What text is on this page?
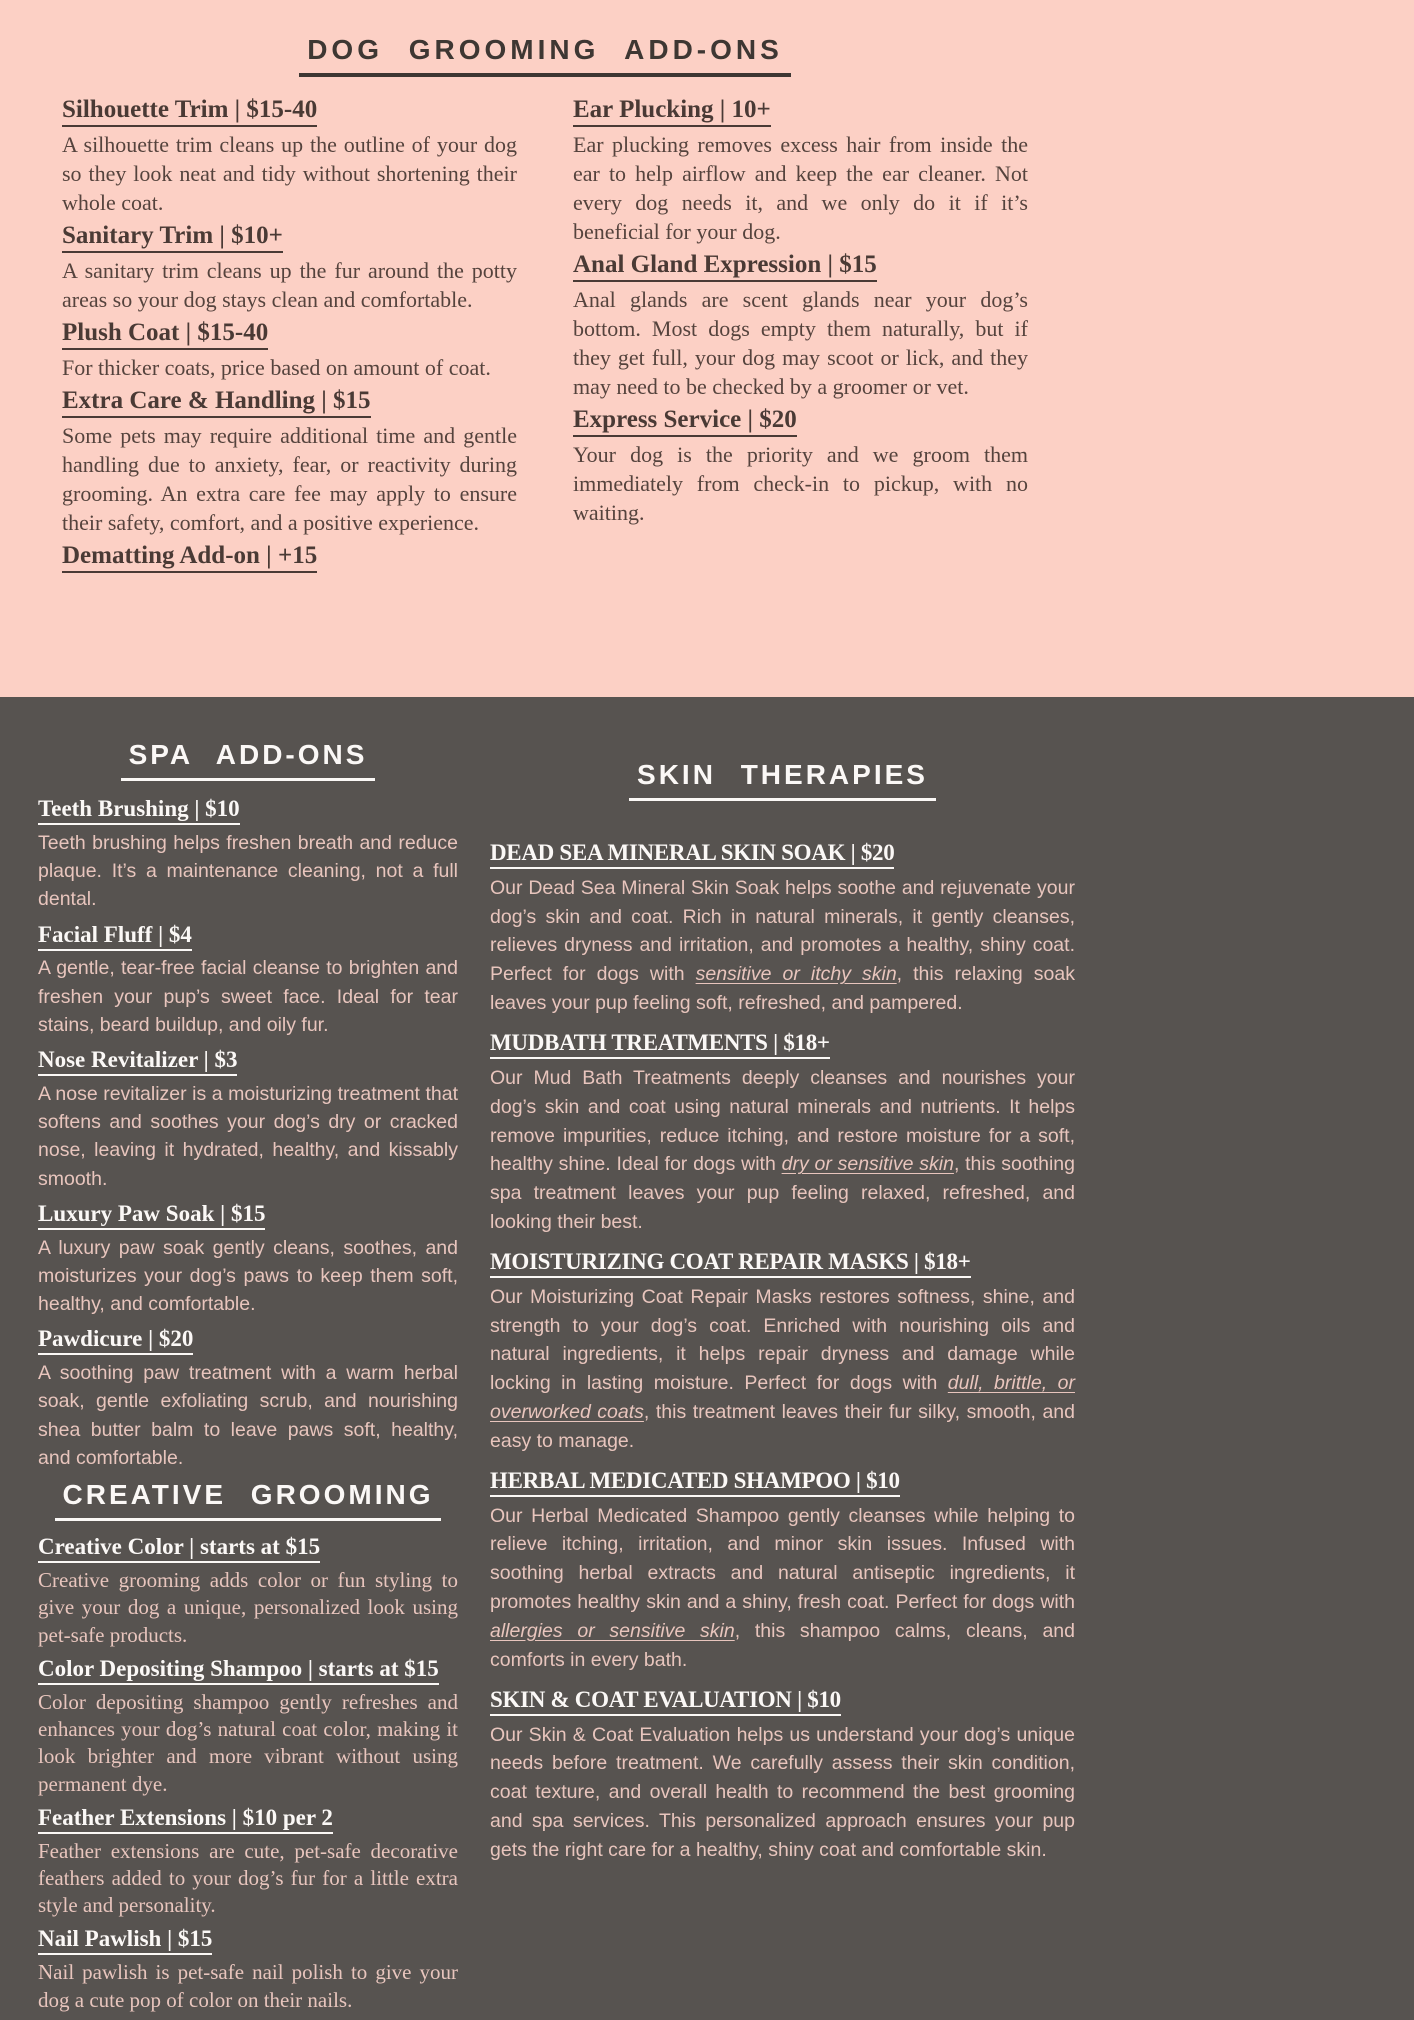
DOG GROOMING ADD-ONS
Silhouette Trim | $15-40

A silhouette trim cleans up the outline of your dog so they look neat and tidy without shortening their whole coat.

Sanitary Trim | $10+

A sanitary trim cleans up the fur around the potty areas so your dog stays clean and comfortable.

Plush Coat | $15-40

For thicker coats, price based on amount of coat.

Extra Care & Handling | $15

Some pets may require additional time and gentle handling due to anxiety, fear, or reactivity during grooming. An extra care fee may apply to ensure their safety, comfort, and a positive experience.

Dematting Add-on | +15
Ear Plucking | 10+

Ear plucking removes excess hair from inside the ear to help airflow and keep the ear cleaner. Not every dog needs it, and we only do it if it’s beneficial for your dog.

Anal Gland Expression | $15

Anal glands are scent glands near your dog’s bottom. Most dogs empty them naturally, but if they get full, your dog may scoot or lick, and they may need to be checked by a groomer or vet.

Express Service | $20

Your dog is the priority and we groom them immediately from check-in to pickup, with no waiting.

SPA ADD-ONS
Teeth Brushing | $10

Teeth brushing helps freshen breath and reduce plaque. It’s a maintenance cleaning, not a full dental.

Facial Fluff | $4

A gentle, tear-free facial cleanse to brighten and freshen your pup’s sweet face. Ideal for tear stains, beard buildup, and oily fur.

Nose Revitalizer | $3

A nose revitalizer is a moisturizing treatment that softens and soothes your dog’s dry or cracked nose, leaving it hydrated, healthy, and kissably smooth.

Luxury Paw Soak | $15

A luxury paw soak gently cleans, soothes, and moisturizes your dog’s paws to keep them soft, healthy, and comfortable.

Pawdicure | $20

A soothing paw treatment with a warm herbal soak, gentle exfoliating scrub, and nourishing shea butter balm to leave paws soft, healthy, and comfortable.

CREATIVE GROOMING
Creative Color | starts at $15

Creative grooming adds color or fun styling to give your dog a unique, personalized look using pet-safe products.

Color Depositing Shampoo | starts at $15

Color depositing shampoo gently refreshes and enhances your dog’s natural coat color, making it look brighter and more vibrant without using permanent dye.

Feather Extensions | $10 per 2

Feather extensions are cute, pet-safe decorative feathers added to your dog’s fur for a little extra style and personality.

Nail Pawlish | $15

Nail pawlish is pet-safe nail polish to give your dog a cute pop of color on their nails.

SKIN THERAPIES
DEAD SEA MINERAL SKIN SOAK | $20

Our Dead Sea Mineral Skin Soak helps soothe and rejuvenate your dog’s skin and coat. Rich in natural minerals, it gently cleanses, relieves dryness and irritation, and promotes a healthy, shiny coat. Perfect for dogs with sensitive or itchy skin, this relaxing soak leaves your pup feeling soft, refreshed, and pampered.

MUDBATH TREATMENTS | $18+

Our Mud Bath Treatments deeply cleanses and nourishes your dog’s skin and coat using natural minerals and nutrients. It helps remove impurities, reduce itching, and restore moisture for a soft, healthy shine. Ideal for dogs with dry or sensitive skin, this soothing spa treatment leaves your pup feeling relaxed, refreshed, and looking their best.

MOISTURIZING COAT REPAIR MASKS | $18+

Our Moisturizing Coat Repair Masks restores softness, shine, and strength to your dog’s coat. Enriched with nourishing oils and natural ingredients, it helps repair dryness and damage while locking in lasting moisture. Perfect for dogs with dull, brittle, or overworked coats, this treatment leaves their fur silky, smooth, and easy to manage.

HERBAL MEDICATED SHAMPOO | $10

Our Herbal Medicated Shampoo gently cleanses while helping to relieve itching, irritation, and minor skin issues. Infused with soothing herbal extracts and natural antiseptic ingredients, it promotes healthy skin and a shiny, fresh coat. Perfect for dogs with allergies or sensitive skin, this shampoo calms, cleans, and comforts in every bath.

SKIN & COAT EVALUATION | $10

Our Skin & Coat Evaluation helps us understand your dog’s unique needs before treatment. We carefully assess their skin condition, coat texture, and overall health to recommend the best grooming and spa services. This personalized approach ensures your pup gets the right care for a healthy, shiny coat and comfortable skin.
